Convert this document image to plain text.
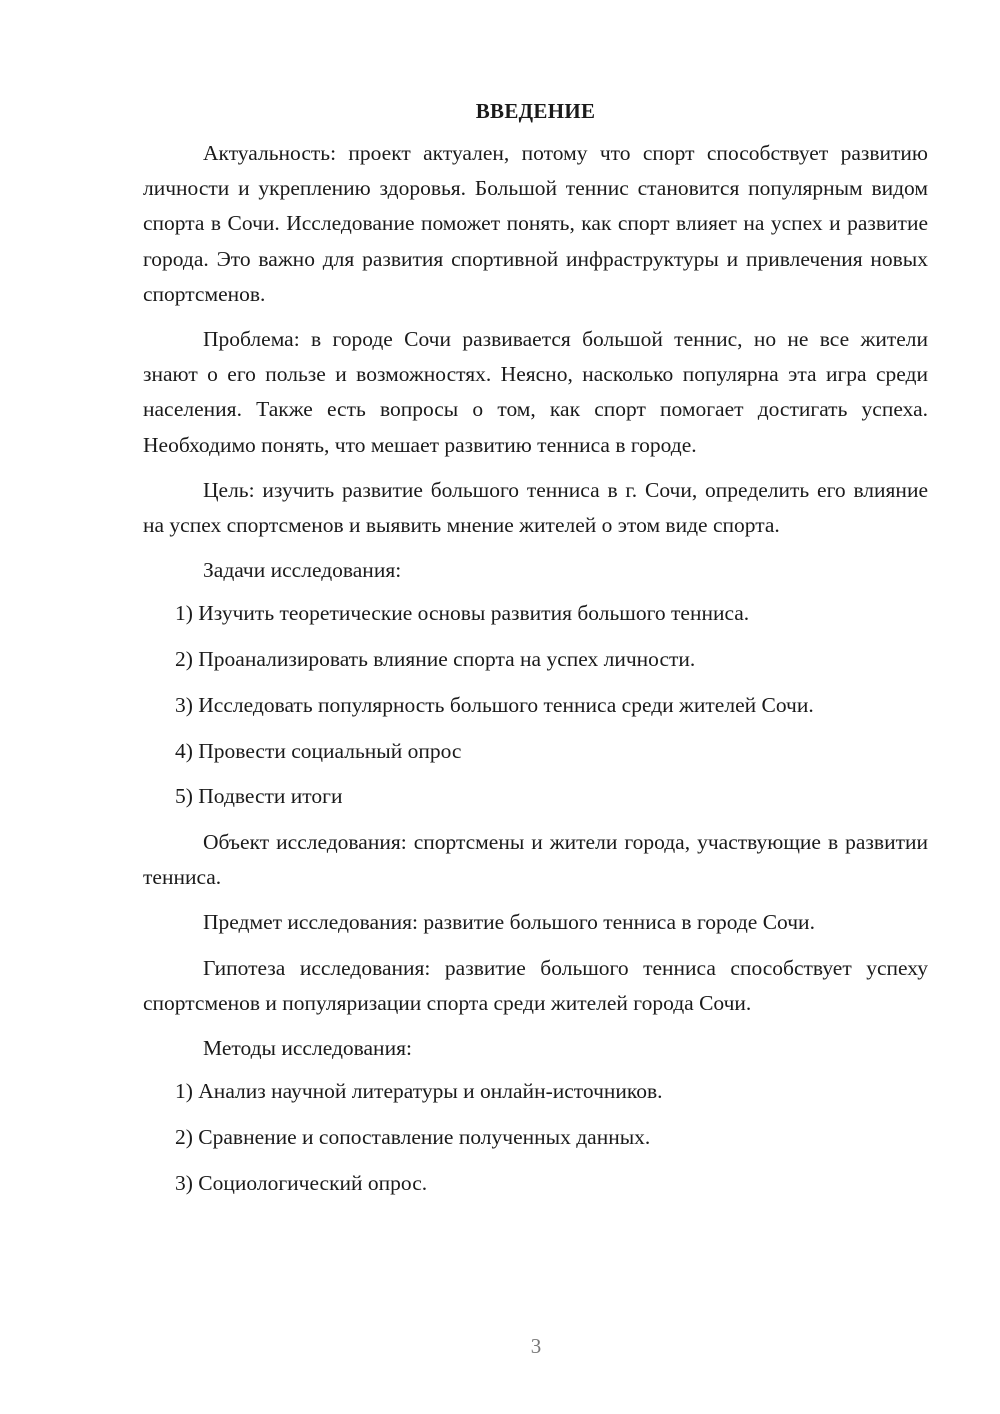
ВВЕДЕНИЕ

Актуальность: проект актуален, потому что спорт способствует развитию личности и укреплению здоровья. Большой теннис становится популярным видом спорта в Сочи. Исследование поможет понять, как спорт влияет на успех и развитие города. Это важно для развития спортивной инфраструктуры и привлечения новых спортсменов.

Проблема: в городе Сочи развивается большой теннис, но не все жители знают о его пользе и возможностях. Неясно, насколько популярна эта игра среди населения. Также есть вопросы о том, как спорт помогает достигать успеха. Необходимо понять, что мешает развитию тенниса в городе.

Цель: изучить развитие большого тенниса в г. Сочи, определить его влияние на успех спортсменов и выявить мнение жителей о этом виде спорта.

Задачи исследования:

1) Изучить теоретические основы развития большого тенниса.
2) Проанализировать влияние спорта на успех личности.
3) Исследовать популярность большого тенниса среди жителей Сочи.
4) Провести социальный опрос
5) Подвести итоги

Объект исследования: спортсмены и жители города, участвующие в развитии тенниса.

Предмет исследования: развитие большого тенниса в городе Сочи.

Гипотеза исследования: развитие большого тенниса способствует успеху спортсменов и популяризации спорта среди жителей города Сочи.

Методы исследования:

1) Анализ научной литературы и онлайн-источников.
2) Сравнение и сопоставление полученных данных.
3) Социологический опрос.
3
